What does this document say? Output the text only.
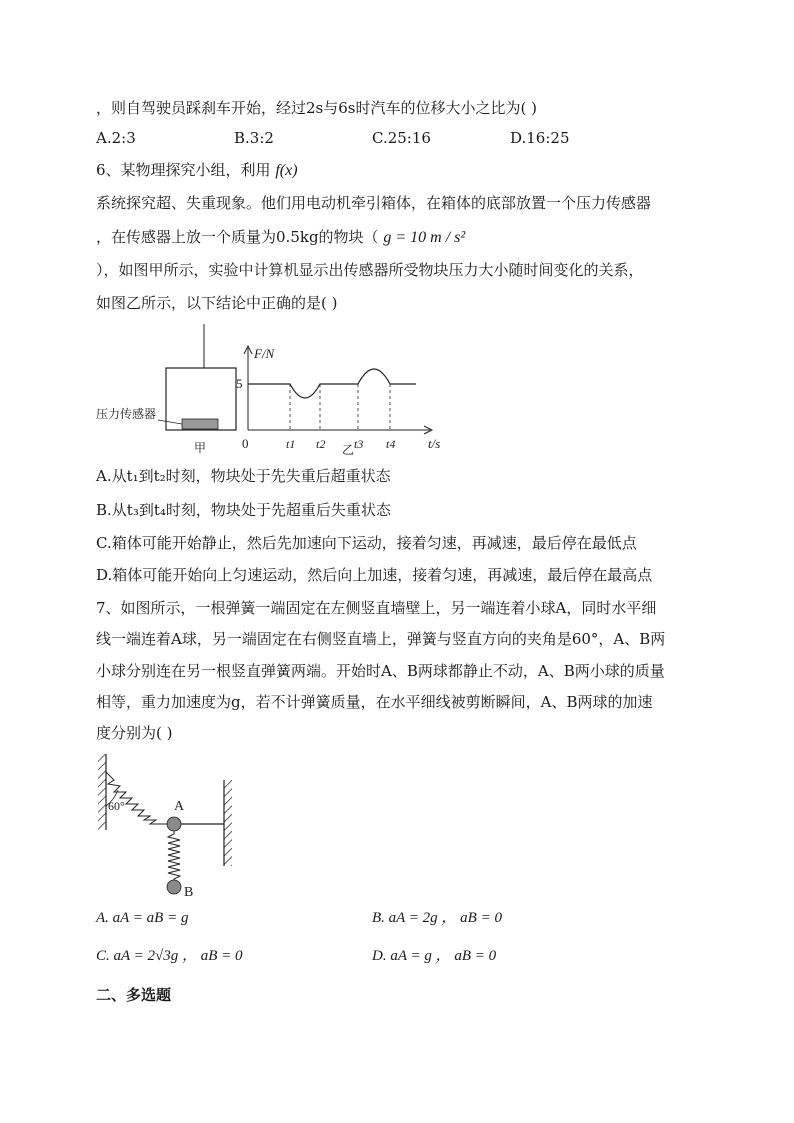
，则自驾驶员踩刹车开始，经过2s与6s时汽车的位移大小之比为( )
A.2:3	B.3:2	C.25:16	D.16:25
6、某物理探究小组，利用 f(x)
系统探究超、失重现象。他们用电动机牵引箱体，在箱体的底部放置一个压力传感器
，在传感器上放一个质量为0.5kg的物块（ g = 10 m / s²
），如图甲所示，实验中计算机显示出传感器所受物块压力大小随时间变化的关系，
如图乙所示，以下结论中正确的是( )
压力传感器
甲
F/N
5
0	t/s
t1 t2 t3 t4
乙
A.从t₁到t₂时刻，物块处于先失重后超重状态
B.从t₃到t₄时刻，物块处于先超重后失重状态
C.箱体可能开始静止，然后先加速向下运动，接着匀速，再减速，最后停在最低点
D.箱体可能开始向上匀速运动，然后向上加速，接着匀速，再减速，最后停在最高点
7、如图所示，一根弹簧一端固定在左侧竖直墙壁上，另一端连着小球A，同时水平细
线一端连着A球，另一端固定在右侧竖直墙上，弹簧与竖直方向的夹角是60°，A、B两
小球分别连在另一根竖直弹簧两端。开始时A、B两球都静止不动，A、B两小球的质量
相等，重力加速度为g，若不计弹簧质量，在水平细线被剪断瞬间，A、B两球的加速
度分别为( )
60°	A
B
A. aA = aB = g	B. aA = 2g ， aB = 0
C. aA = 2√3g ， aB = 0	D. aA = g ， aB = 0
二、多选题
